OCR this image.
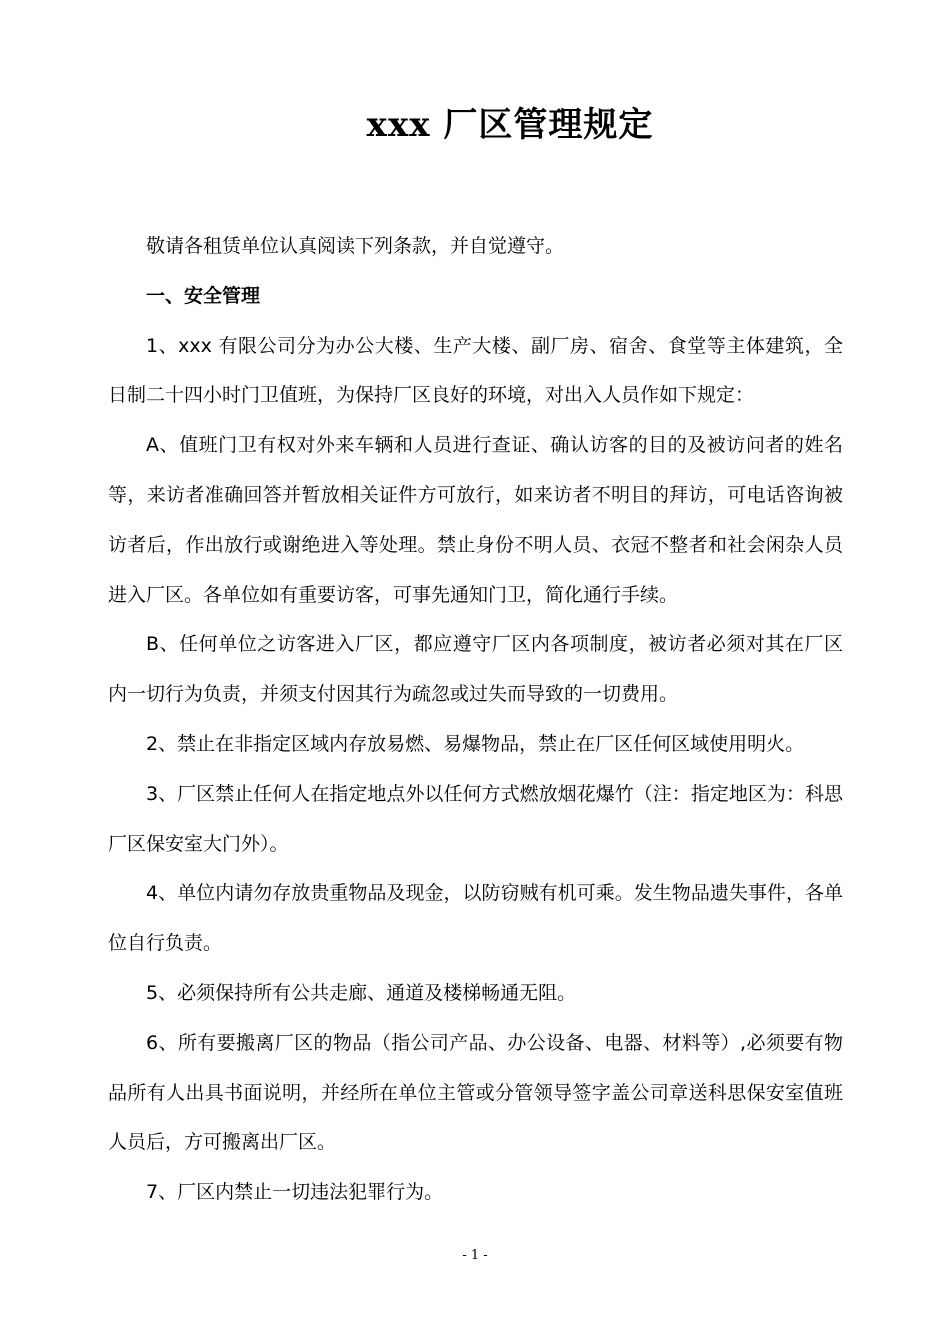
xxx 厂区管理规定

敬请各租赁单位认真阅读下列条款，并自觉遵守。

一、安全管理

1、xxx 有限公司分为办公大楼、生产大楼、副厂房、宿舍、食堂等主体建筑，全日制二十四小时门卫值班，为保持厂区良好的环境，对出入人员作如下规定：

A、值班门卫有权对外来车辆和人员进行查证、确认访客的目的及被访问者的姓名等，来访者准确回答并暂放相关证件方可放行，如来访者不明目的拜访，可电话咨询被访者后，作出放行或谢绝进入等处理。禁止身份不明人员、衣冠不整者和社会闲杂人员进入厂区。各单位如有重要访客，可事先通知门卫，简化通行手续。

B、任何单位之访客进入厂区，都应遵守厂区内各项制度，被访者必须对其在厂区内一切行为负责，并须支付因其行为疏忽或过失而导致的一切费用。

2、禁止在非指定区域内存放易燃、易爆物品，禁止在厂区任何区域使用明火。

3、厂区禁止任何人在指定地点外以任何方式燃放烟花爆竹（注：指定地区为：科思厂区保安室大门外）。

4、单位内请勿存放贵重物品及现金，以防窃贼有机可乘。发生物品遗失事件，各单位自行负责。

5、必须保持所有公共走廊、通道及楼梯畅通无阻。

6、所有要搬离厂区的物品（指公司产品、办公设备、电器、材料等）,必须要有物品所有人出具书面说明，并经所在单位主管或分管领导签字盖公司章送科思保安室值班人员后，方可搬离出厂区。

7、厂区内禁止一切违法犯罪行为。

- 1 -
